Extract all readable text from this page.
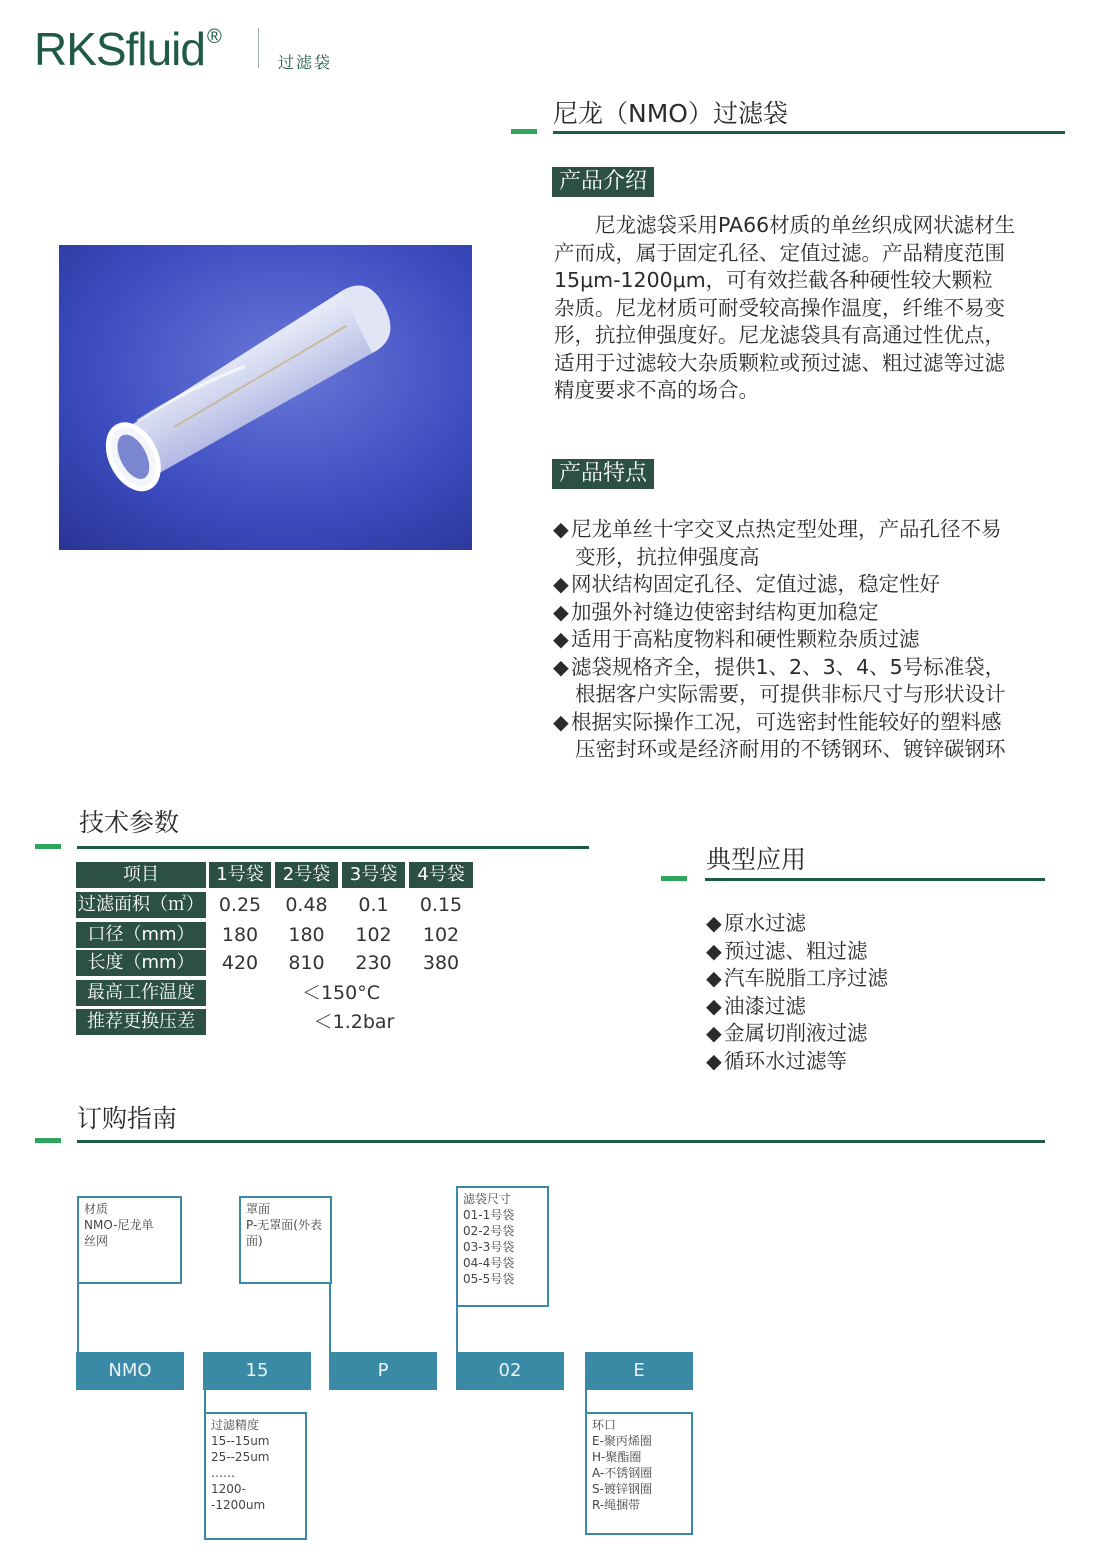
RKSfluid ®
过滤袋
尼龙（NMO）过滤袋
产品介绍
　　尼龙滤袋采用PA66材质的单丝织成网状滤材生
产而成，属于固定孔径、定值过滤。产品精度范围
15μm-1200μm，可有效拦截各种硬性较大颗粒
杂质。尼龙材质可耐受较高操作温度，纤维不易变
形，抗拉伸强度好。尼龙滤袋具有高通过性优点，
适用于过滤较大杂质颗粒或预过滤、粗过滤等过滤
精度要求不高的场合。
产品特点
◆ 尼龙单丝十字交叉点热定型处理，产品孔径不易
变形，抗拉伸强度高
◆ 网状结构固定孔径、定值过滤，稳定性好
◆ 加强外衬缝边使密封结构更加稳定
◆ 适用于高粘度物料和硬性颗粒杂质过滤
◆ 滤袋规格齐全，提供1、2、3、4、5号标准袋，
根据客户实际需要，可提供非标尺寸与形状设计
◆ 根据实际操作工况，可选密封性能较好的塑料感
压密封环或是经济耐用的不锈钢环、镀锌碳钢环
技术参数
项目	1号袋	2号袋	3号袋	4号袋
过滤面积（㎡） 0.25	0.48	0.1	0.15
口径（mm）	180	180	102	102
长度（mm）	420	810	230	380
最高工作温度	＜150°C
推荐更换压差	＜1.2bar
典型应用
◆ 原水过滤
◆ 预过滤、粗过滤
◆ 汽车脱脂工序过滤
◆ 油漆过滤
◆ 金属切削液过滤
◆ 循环水过滤等
订购指南
材质
NMO-尼龙单
丝网
罩面
P-无罩面(外表面)
滤袋尺寸
01-1号袋
02-2号袋
03-3号袋
04-4号袋
05-5号袋
NMO	15	P	02	E
过滤精度
15--15um
25--25um
……
1200--1200um
环口
E-聚丙烯圈
H-聚酯圈
A-不锈钢圈
S-镀锌钢圈
R-绳捆带
